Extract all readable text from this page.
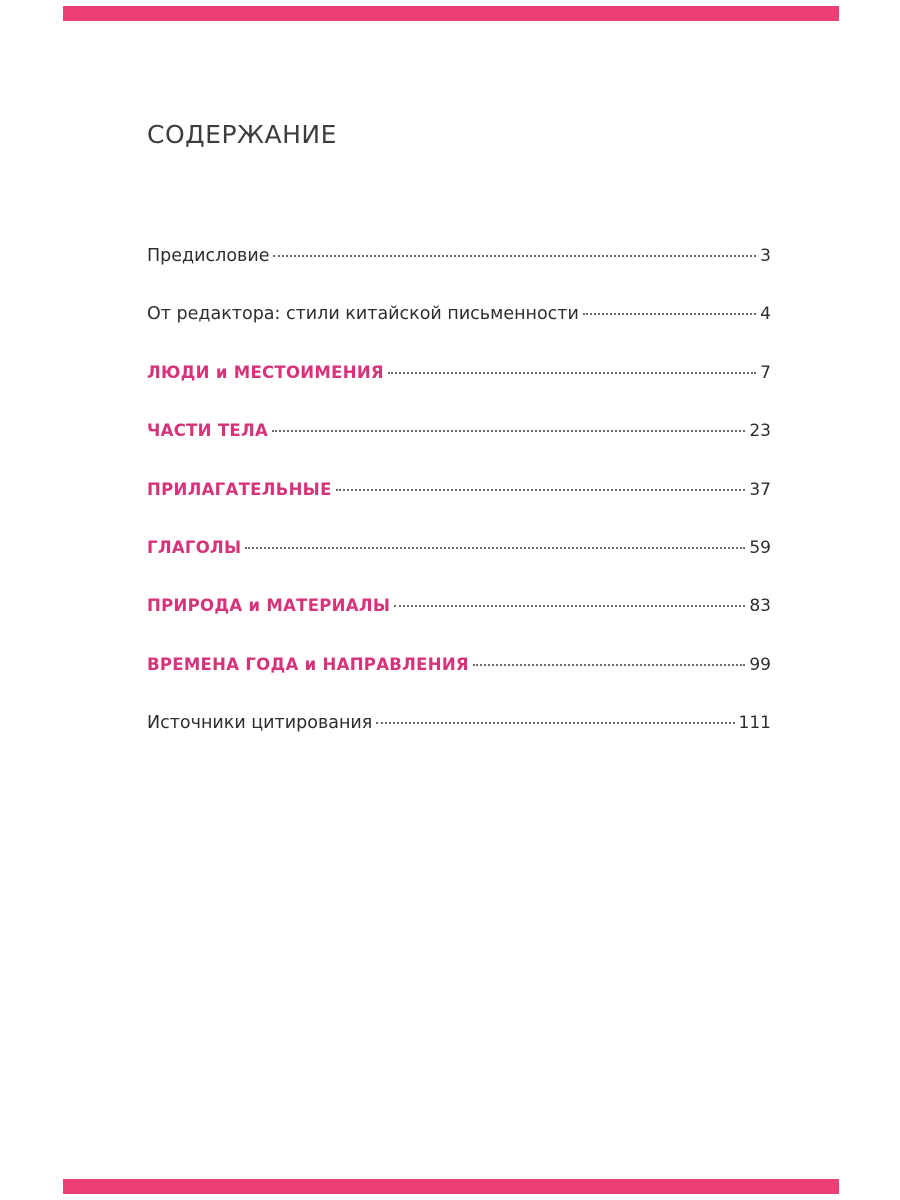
СОДЕРЖАНИЕ
Предисловие	3
От редактора: стили китайской письменности	4
ЛЮДИ и МЕСТОИМЕНИЯ	7
ЧАСТИ ТЕЛА	23
ПРИЛАГАТЕЛЬНЫЕ	37
ГЛАГОЛЫ	59
ПРИРОДА и МАТЕРИАЛЫ	83
ВРЕМЕНА ГОДА и НАПРАВЛЕНИЯ	99
Источники цитирования	111
